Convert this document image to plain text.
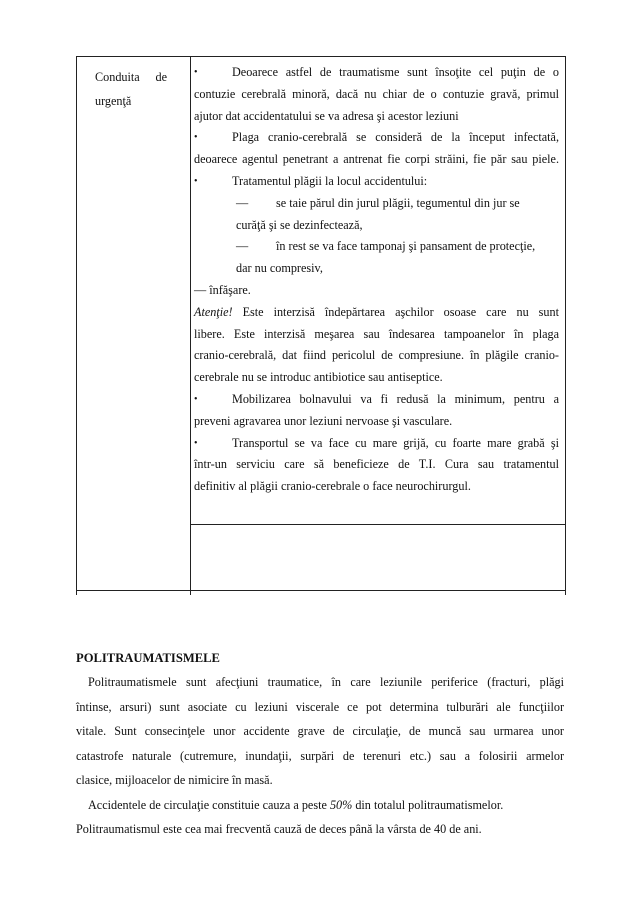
Conduita de
urgenţă
•	Deoarece astfel de traumatisme sunt însoţite cel puţin de o
contuzie cerebrală minoră, dacă nu chiar de o contuzie gravă, primul
ajutor dat accidentatului se va adresa şi acestor leziuni
•	Plaga cranio-cerebrală se consideră de la început infectată,
deoarece agentul penetrant a antrenat fie corpi străini, fie păr sau piele.
•	Tratamentul plăgii la locul accidentului:
—	se taie părul din jurul plăgii, tegumentul din jur se
curăţă şi se dezinfectează,
—	în rest se va face tamponaj şi pansament de protecţie,
dar nu compresiv,
— înfăşare.
Atenţie! Este interzisă îndepărtarea aşchilor osoase care nu sunt
libere. Este interzisă meşarea sau îndesarea tampoanelor în plaga
cranio-cerebrală, dat fiind pericolul de compresiune. în plăgile cranio-
cerebrale nu se introduc antibiotice sau antiseptice.
•	Mobilizarea bolnavului va fi redusă la minimum, pentru a
preveni agravarea unor leziuni nervoase şi vasculare.
•	Transportul se va face cu mare grijă, cu foarte mare grabă şi
într-un serviciu care să beneficieze de T.I. Cura sau tratamentul
definitiv al plăgii cranio-cerebrale o face neurochirurgul.
POLITRAUMATISMELE
Politraumatismele sunt afecţiuni traumatice, în care leziunile periferice (fracturi, plăgi
întinse, arsuri) sunt asociate cu leziuni viscerale ce pot determina tulburări ale funcţiilor
vitale. Sunt consecinţele unor accidente grave de circulaţie, de muncă sau urmarea unor
catastrofe naturale (cutremure, inundaţii, surpări de terenuri etc.) sau a folosirii armelor
clasice, mijloacelor de nimicire în masă.
Accidentele de circulaţie constituie cauza a peste 50% din totalul politraumatismelor.
Politraumatismul este cea mai frecventă cauză de deces până la vârsta de 40 de ani.
